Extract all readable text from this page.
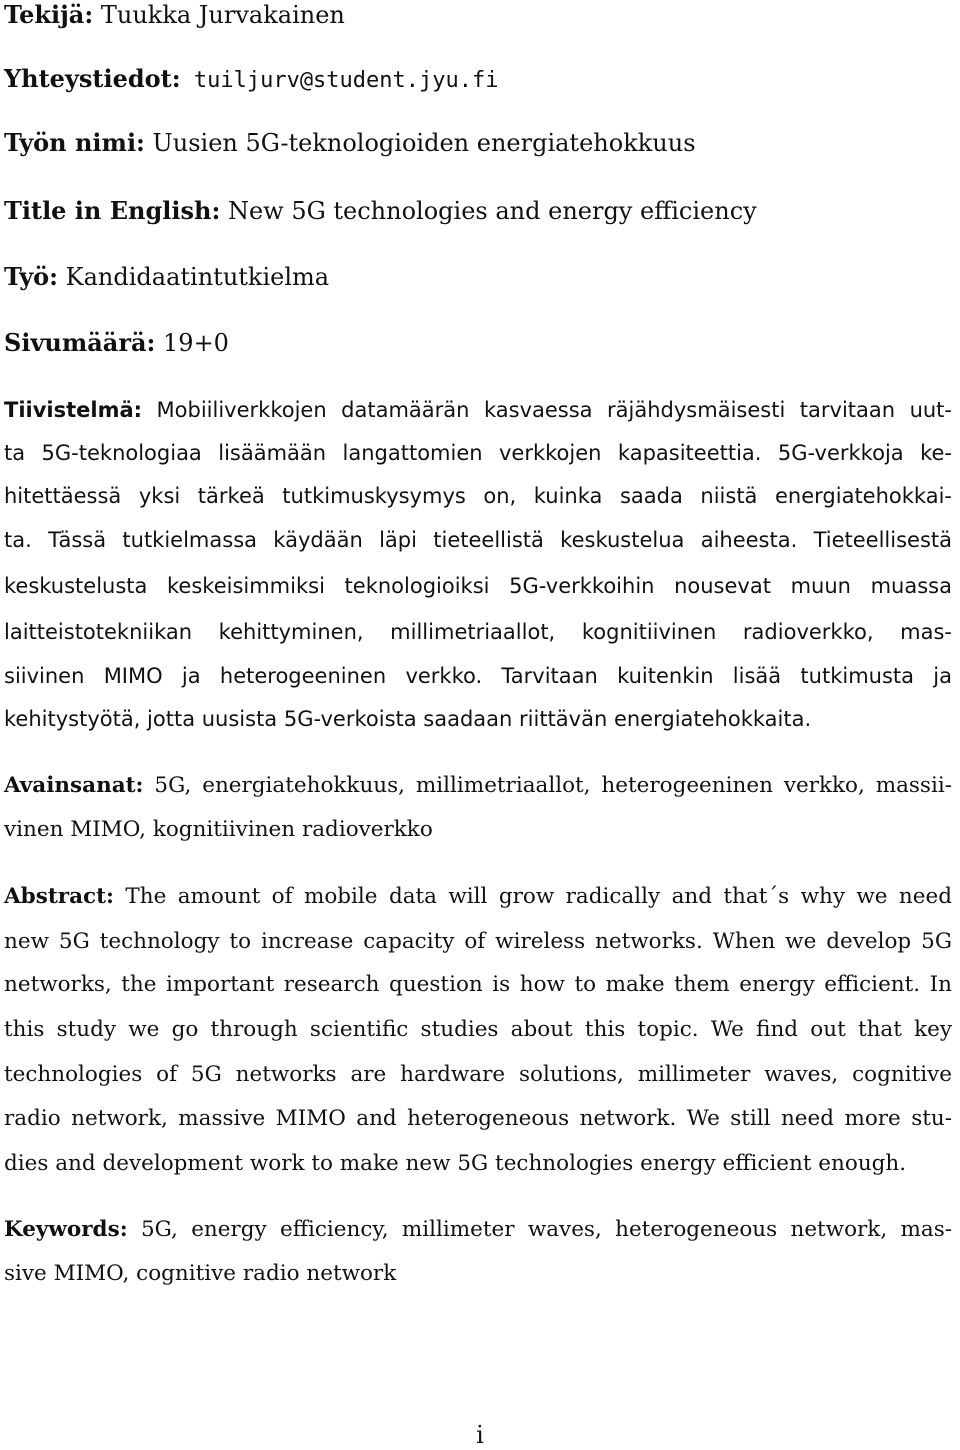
Tekijä: Tuukka Jurvakainen
Yhteystiedot: tuiljurv@student.jyu.fi
Työn nimi: Uusien 5G-teknologioiden energiatehokkuus
Title in English: New 5G technologies and energy efficiency
Työ: Kandidaatintutkielma
Sivumäärä: 19+0
Tiivistelmä: Mobiiliverkkojen datamäärän kasvaessa räjähdysmäisesti tarvitaan uut-
ta 5G-teknologiaa lisäämään langattomien verkkojen kapasiteettia. 5G-verkkoja ke-
hitettäessä yksi tärkeä tutkimuskysymys on, kuinka saada niistä energiatehokkai-
ta. Tässä tutkielmassa käydään läpi tieteellistä keskustelua aiheesta. Tieteellisestä
keskustelusta keskeisimmiksi teknologioiksi 5G-verkkoihin nousevat muun muassa
laitteistotekniikan kehittyminen, millimetriaallot, kognitiivinen radioverkko, mas-
siivinen MIMO ja heterogeeninen verkko. Tarvitaan kuitenkin lisää tutkimusta ja
kehitystyötä, jotta uusista 5G-verkoista saadaan riittävän energiatehokkaita.
Avainsanat: 5G, energiatehokkuus, millimetriaallot, heterogeeninen verkko, massii-
vinen MIMO, kognitiivinen radioverkko
Abstract: The amount of mobile data will grow radically and that´s why we need
new 5G technology to increase capacity of wireless networks. When we develop 5G
networks, the important research question is how to make them energy efficient. In
this study we go through scientific studies about this topic. We find out that key
technologies of 5G networks are hardware solutions, millimeter waves, cognitive
radio network, massive MIMO and heterogeneous network. We still need more stu-
dies and development work to make new 5G technologies energy efficient enough.
Keywords: 5G, energy efficiency, millimeter waves, heterogeneous network, mas-
sive MIMO, cognitive radio network
i
